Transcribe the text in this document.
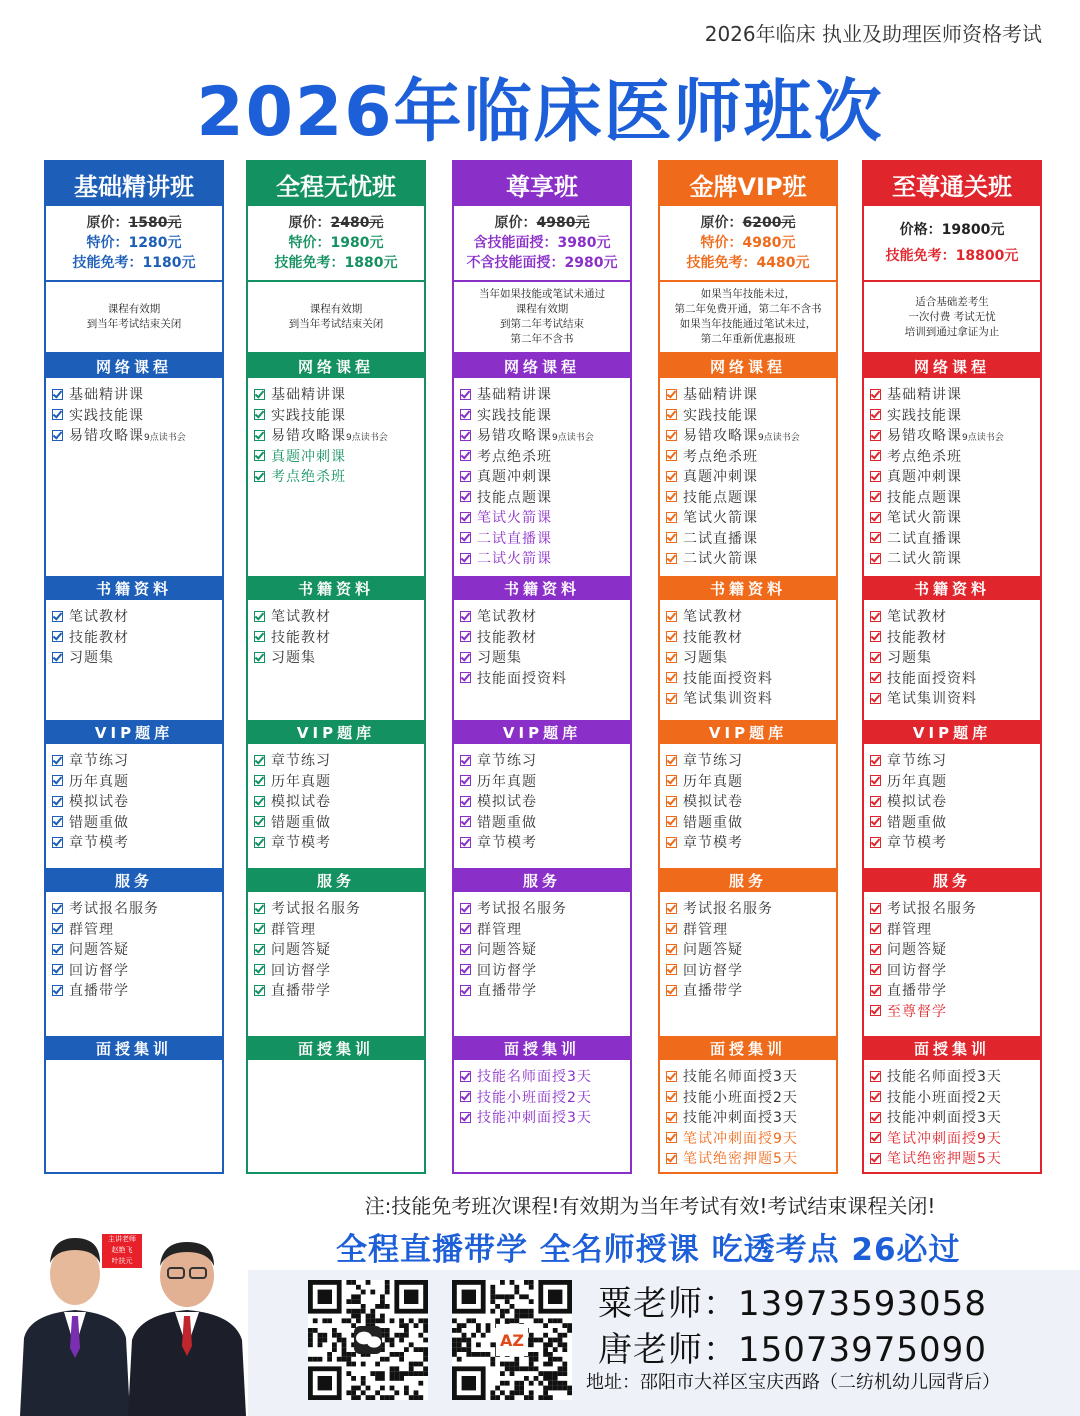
2026年临床 执业及助理医师资格考试
2026年临床医师班次
基础精讲班
原价：1580元
特价：1280元
技能免考：1180元
课程有效期
到当年考试结束关闭
网络课程
基础精讲课
实践技能课
易错攻略课9点读书会
书籍资料
笔试教材
技能教材
习题集
VIP题库
章节练习
历年真题
模拟试卷
错题重做
章节模考
服务
考试报名服务
群管理
问题答疑
回访督学
直播带学
面授集训
全程无忧班
原价：2480元
特价：1980元
技能免考：1880元
课程有效期
到当年考试结束关闭
网络课程
基础精讲课
实践技能课
易错攻略课9点读书会
真题冲刺课
考点绝杀班
书籍资料
笔试教材
技能教材
习题集
VIP题库
章节练习
历年真题
模拟试卷
错题重做
章节模考
服务
考试报名服务
群管理
问题答疑
回访督学
直播带学
面授集训
尊享班
原价：4980元
含技能面授：3980元
不含技能面授：2980元
当年如果技能或笔试未通过
课程有效期
到第二年考试结束
第二年不含书
网络课程
基础精讲课
实践技能课
易错攻略课9点读书会
考点绝杀班
真题冲刺课
技能点题课
笔试火箭课
二试直播课
二试火箭课
书籍资料
笔试教材
技能教材
习题集
技能面授资料
VIP题库
章节练习
历年真题
模拟试卷
错题重做
章节模考
服务
考试报名服务
群管理
问题答疑
回访督学
直播带学
面授集训
技能名师面授3天
技能小班面授2天
技能冲刺面授3天
金牌VIP班
原价：6200元
特价：4980元
技能免考：4480元
如果当年技能未过，
第二年免费开通，第二年不含书
如果当年技能通过笔试未过，
第二年重新优惠报班
网络课程
基础精讲课
实践技能课
易错攻略课9点读书会
考点绝杀班
真题冲刺课
技能点题课
笔试火箭课
二试直播课
二试火箭课
书籍资料
笔试教材
技能教材
习题集
技能面授资料
笔试集训资料
VIP题库
章节练习
历年真题
模拟试卷
错题重做
章节模考
服务
考试报名服务
群管理
问题答疑
回访督学
直播带学
面授集训
技能名师面授3天
技能小班面授2天
技能冲刺面授3天
笔试冲刺面授9天
笔试绝密押题5天
至尊通关班
价格：19800元
技能免考：18800元
适合基础差考生
一次付费 考试无忧
培训到通过拿证为止
网络课程
基础精讲课
实践技能课
易错攻略课9点读书会
考点绝杀班
真题冲刺课
技能点题课
笔试火箭课
二试直播课
二试火箭课
书籍资料
笔试教材
技能教材
习题集
技能面授资料
笔试集训资料
VIP题库
章节练习
历年真题
模拟试卷
错题重做
章节模考
服务
考试报名服务
群管理
问题答疑
回访督学
直播带学
至尊督学
面授集训
技能名师面授3天
技能小班面授2天
技能冲刺面授3天
笔试冲刺面授9天
笔试绝密押题5天
注:技能免考班次课程!有效期为当年考试有效!考试结束课程关闭!
全程直播带学 全名师授课 吃透考点 26必过
主讲老师
赵艳飞
叶扶元
AZ
粟老师：13973593058
唐老师：15073975090
地址：邵阳市大祥区宝庆西路（二纺机幼儿园背后）
